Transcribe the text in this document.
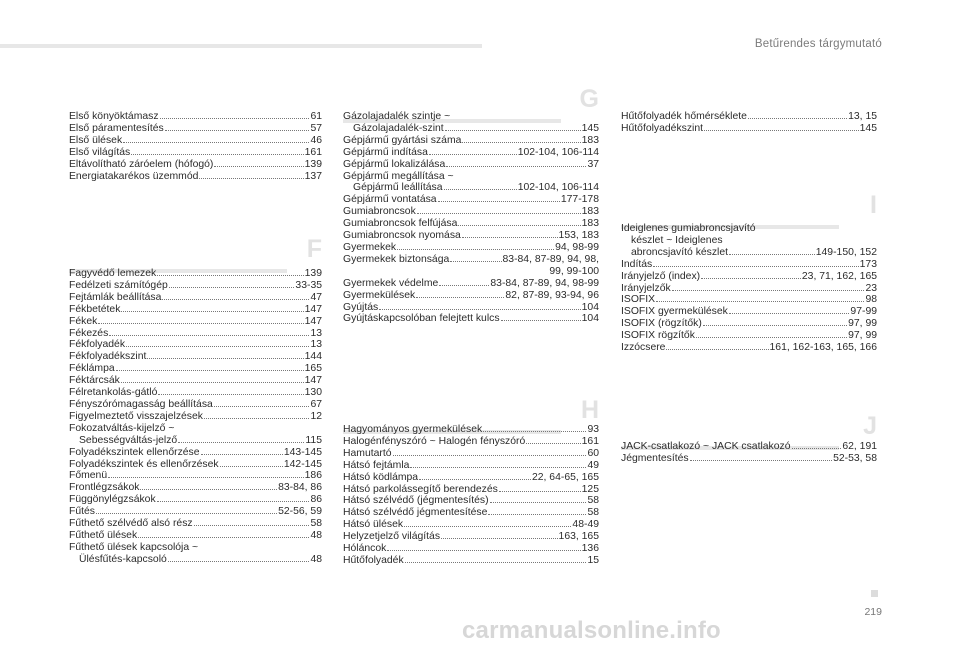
Betűrendes tárgymutató
Első könyöktámasz	61
Első páramentesítés	57
Első ülések	46
Első világítás	161
Eltávolítható záróelem (hófogó)	139
Energiatakarékos üzemmód	137
F
Fagyvédő lemezek	139
Fedélzeti számítógép	33-35
Fejtámlák beállítása	47
Fékbetétek	147
Fékek	147
Fékezés	13
Fékfolyadék	13
Fékfolyadékszint	144
Féklámpa	165
Féktárcsák	147
Félretankolás-gátló	130
Fényszórómagasság beállítása	67
Figyelmeztető visszajelzések	12
Fokozatváltás-kijelző ~
Sebességváltás-jelző	115
Folyadékszintek ellenőrzése	143-145
Folyadékszintek és ellenőrzések	142-145
Főmenü	186
Frontlégzsákok	83-84, 86
Függönylégzsákok	86
Fűtés	52-56, 59
Fűthető szélvédő alsó rész	58
Fűthető ülések	48
Fűthető ülések kapcsolója ~
Ülésfűtés-kapcsoló	48
G
Gázolajadalék szintje ~
Gázolajadalék-szint	145
Gépjármű gyártási száma	183
Gépjármű indítása	102-104, 106-114
Gépjármű lokalizálása	37
Gépjármű megállítása ~
Gépjármű leállítása	102-104, 106-114
Gépjármű vontatása	177-178
Gumiabroncsok	183
Gumiabroncsok felfújása	183
Gumiabroncsok nyomása	153, 183
Gyermekek	94, 98-99
Gyermekek biztonsága	83-84, 87-89, 94, 98,
99, 99-100
Gyermekek védelme	83-84, 87-89, 94, 98-99
Gyermekülések	82, 87-89, 93-94, 96
Gyújtás	104
Gyújtáskapcsolóban felejtett kulcs	104
H
Hagyományos gyermekülések	93
Halogénfényszóró ~ Halogén fényszóró	161
Hamutartó	60
Hátsó fejtámla	49
Hátsó ködlámpa	22, 64-65, 165
Hátsó parkolássegítő berendezés	125
Hátsó szélvédő (jégmentesítés)	58
Hátsó szélvédő jégmentesítése	58
Hátsó ülések	48-49
Helyzetjelző világítás	163, 165
Hóláncok	136
Hűtőfolyadék	15
Hűtőfolyadék hőmérséklete	13, 15
Hűtőfolyadékszint	145
I
Ideiglenes gumiabroncsjavító
készlet ~ Ideiglenes
abroncsjavító készlet	149-150, 152
Indítás	173
Irányjelző (index)	23, 71, 162, 165
Irányjelzők	23
ISOFIX	98
ISOFIX gyermekülések	97-99
ISOFIX (rögzítők)	97, 99
ISOFIX rögzítők	97, 99
Izzócsere	161, 162-163, 165, 166
J
JACK-csatlakozó ~ JACK csatlakozó	62, 191
Jégmentesítés	52-53, 58
219
carmanualsonline.info
